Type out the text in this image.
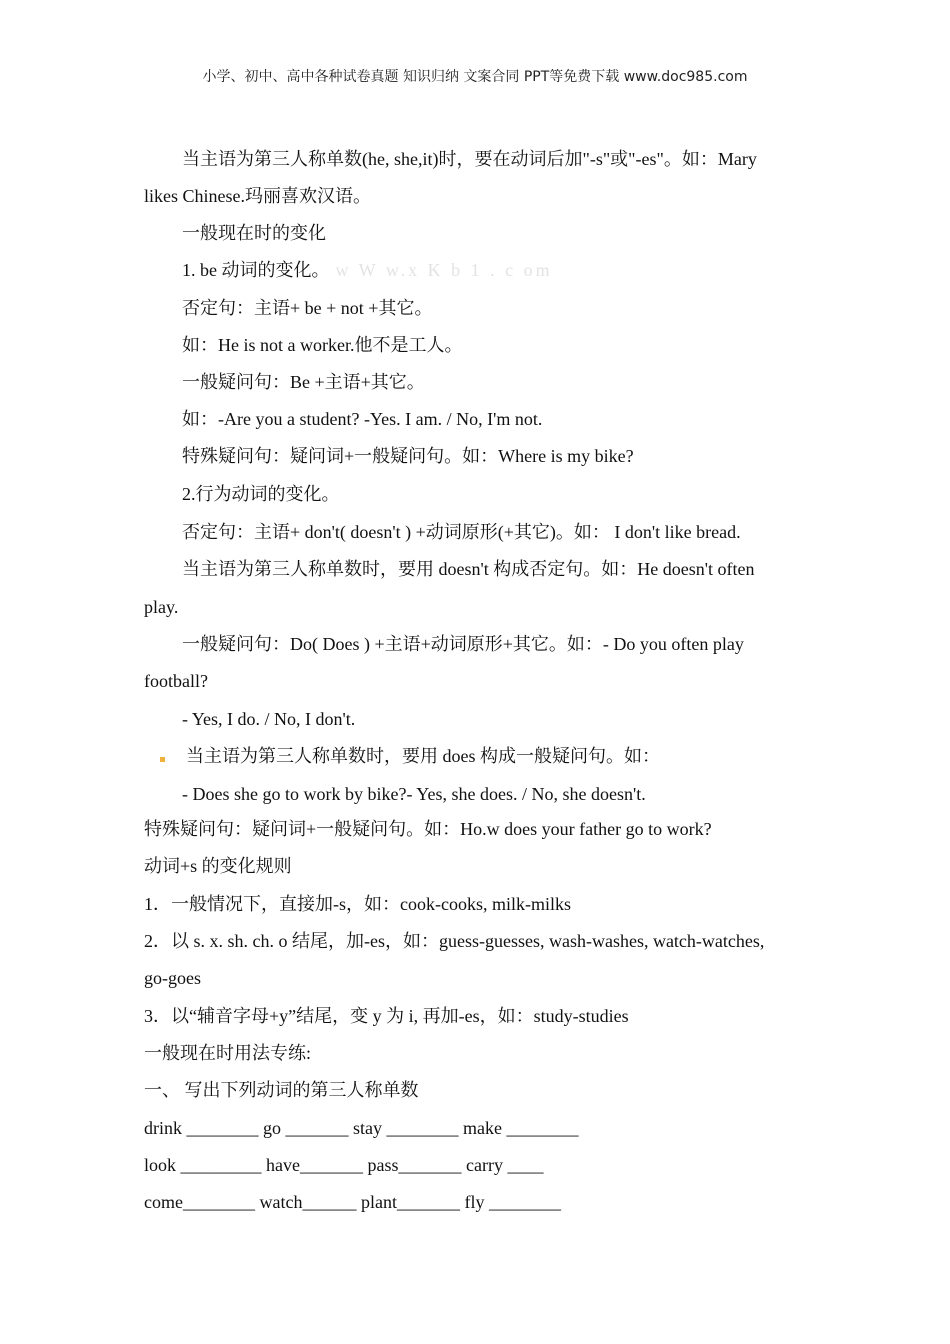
小学、初中、高中各种试卷真题 知识归纳 文案合同 PPT等免费下载 www.doc985.com
当主语为第三人称单数(he, she,it)时，要在动词后加"-s"或"-es"。如：Mary
likes Chinese.玛丽喜欢汉语。
一般现在时的变化
1. be 动词的变化。 w W w.x K b 1 . c om
否定句：主语+ be + not +其它。
如：He is not a worker.他不是工人。
一般疑问句：Be +主语+其它。
如：-Are you a student? -Yes. I am. / No, I'm not.
特殊疑问句：疑问词+一般疑问句。如：Where is my bike?
2.行为动词的变化。
否定句：主语+ don't( doesn't ) +动词原形(+其它)。如： I don't like bread.
当主语为第三人称单数时，要用 doesn't 构成否定句。如：He doesn't often
play.
一般疑问句：Do( Does ) +主语+动词原形+其它。如：- Do you often play
football?
- Yes, I do. / No, I don't.
当主语为第三人称单数时，要用 does 构成一般疑问句。如：
- Does she go to work by bike?- Yes, she does. / No, she doesn't.
特殊疑问句：疑问词+一般疑问句。如：Ho.w does your father go to work?
动词+s 的变化规则
1．一般情况下，直接加-s，如：cook-cooks, milk-milks
2．以 s. x. sh. ch. o 结尾，加-es，如：guess-guesses, wash-washes, watch-watches,
go-goes
3．以“辅音字母+y”结尾，变 y 为 i, 再加-es，如：study-studies
一般现在时用法专练:
一、 写出下列动词的第三人称单数
drink ________ go _______ stay ________ make ________
look _________ have_______ pass_______ carry ____
come________ watch______ plant_______ fly ________
